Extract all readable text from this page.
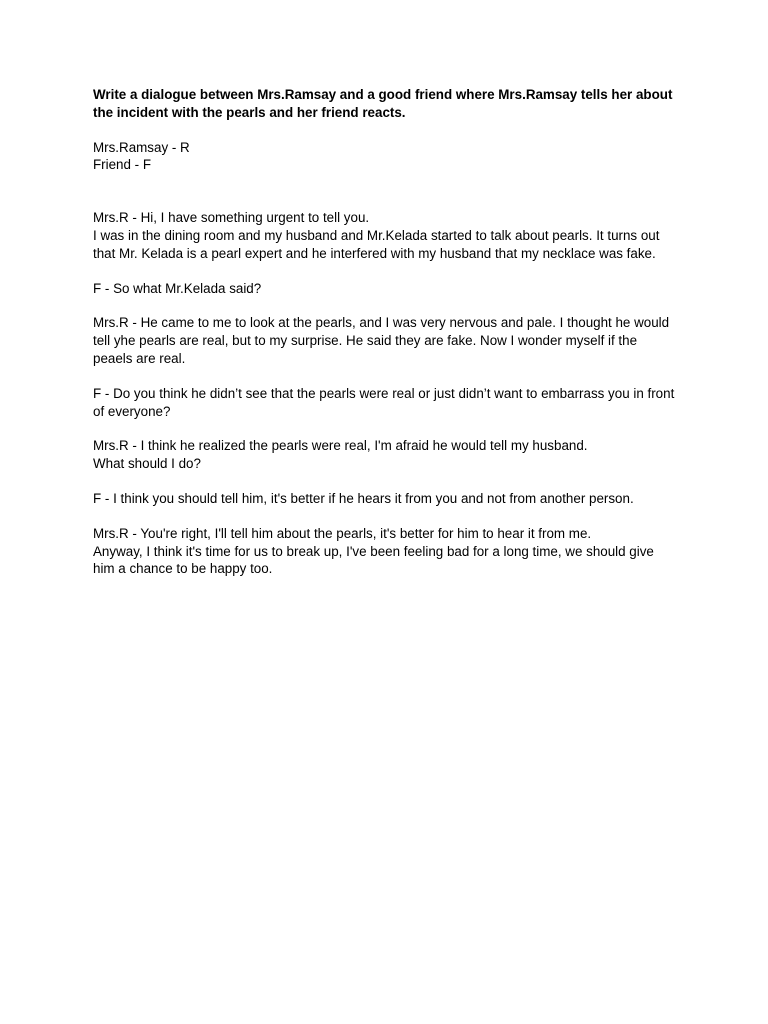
Write a dialogue between Mrs.Ramsay and a good friend where Mrs.Ramsay tells her about the incident with the pearls and her friend reacts.
Mrs.Ramsay - R
Friend - F
Mrs.R - Hi, I have something urgent to tell you.
I was in the dining room and my husband and Mr.Kelada started to talk about pearls. It turns out that Mr. Kelada is a pearl expert and he interfered with my husband that my necklace was fake.
F - So what Mr.Kelada said?
Mrs.R - He came to me to look at the pearls, and I was very nervous and pale. I thought he would tell yhe pearls are real, but to my surprise. He said they are fake. Now I wonder myself if the peaels are real.
F - Do you think he didn’t see that the pearls were real or just didn’t want to embarrass you in front of everyone?
Mrs.R - I think he realized the pearls were real, I'm afraid he would tell my husband.
What should I do?
F - I think you should tell him, it's better if he hears it from you and not from another person.
Mrs.R - You're right, I'll tell him about the pearls, it's better for him to hear it from me.
Anyway, I think it's time for us to break up, I've been feeling bad for a long time, we should give him a chance to be happy too.
